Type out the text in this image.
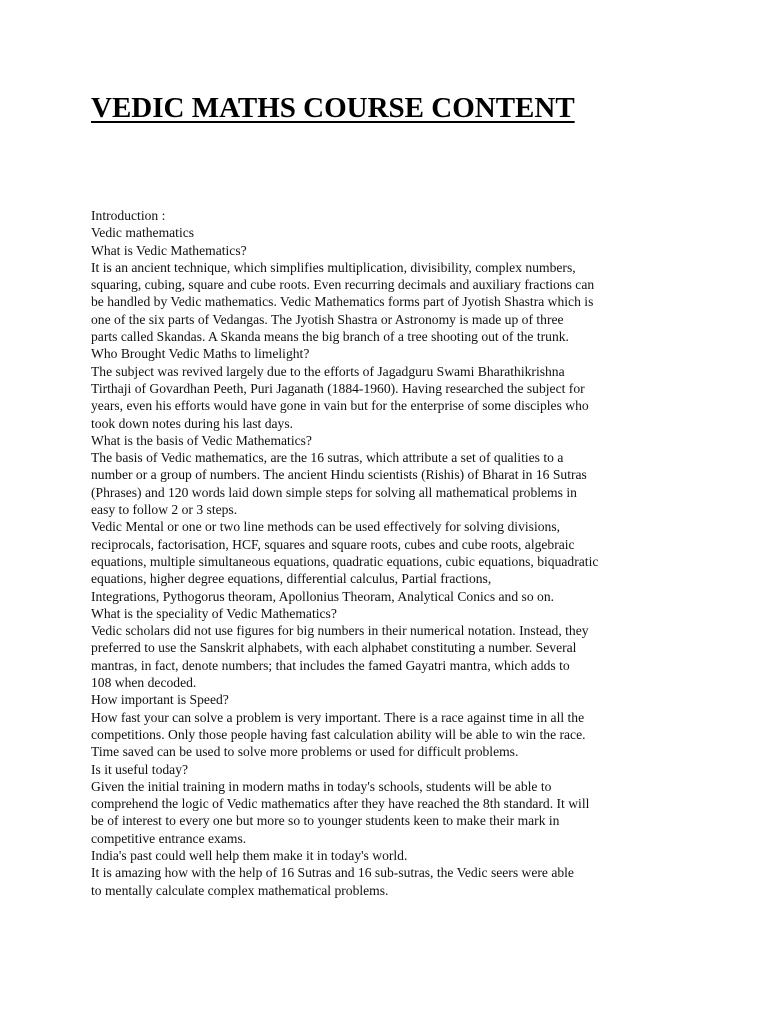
VEDIC MATHS COURSE CONTENT
Introduction :
Vedic mathematics
What is Vedic Mathematics?
It is an ancient technique, which simplifies multiplication, divisibility, complex numbers,
squaring, cubing, square and cube roots. Even recurring decimals and auxiliary fractions can
be handled by Vedic mathematics. Vedic Mathematics forms part of Jyotish Shastra which is
one of the six parts of Vedangas. The Jyotish Shastra or Astronomy is made up of three
parts called Skandas. A Skanda means the big branch of a tree shooting out of the trunk.
Who Brought Vedic Maths to limelight?
The subject was revived largely due to the efforts of Jagadguru Swami Bharathikrishna
Tirthaji of Govardhan Peeth, Puri Jaganath (1884-1960). Having researched the subject for
years, even his efforts would have gone in vain but for the enterprise of some disciples who
took down notes during his last days.
What is the basis of Vedic Mathematics?
The basis of Vedic mathematics, are the 16 sutras, which attribute a set of qualities to a
number or a group of numbers. The ancient Hindu scientists (Rishis) of Bharat in 16 Sutras
(Phrases) and 120 words laid down simple steps for solving all mathematical problems in
easy to follow 2 or 3 steps.
Vedic Mental or one or two line methods can be used effectively for solving divisions,
reciprocals, factorisation, HCF, squares and square roots, cubes and cube roots, algebraic
equations, multiple simultaneous equations, quadratic equations, cubic equations, biquadratic
equations, higher degree equations, differential calculus, Partial fractions,
Integrations, Pythogorus theoram, Apollonius Theoram, Analytical Conics and so on.
What is the speciality of Vedic Mathematics?
Vedic scholars did not use figures for big numbers in their numerical notation. Instead, they
preferred to use the Sanskrit alphabets, with each alphabet constituting a number. Several
mantras, in fact, denote numbers; that includes the famed Gayatri mantra, which adds to
108 when decoded.
How important is Speed?
How fast your can solve a problem is very important. There is a race against time in all the
competitions. Only those people having fast calculation ability will be able to win the race.
Time saved can be used to solve more problems or used for difficult problems.
Is it useful today?
Given the initial training in modern maths in today's schools, students will be able to
comprehend the logic of Vedic mathematics after they have reached the 8th standard. It will
be of interest to every one but more so to younger students keen to make their mark in
competitive entrance exams.
India's past could well help them make it in today's world.
It is amazing how with the help of 16 Sutras and 16 sub-sutras, the Vedic seers were able
to mentally calculate complex mathematical problems.
